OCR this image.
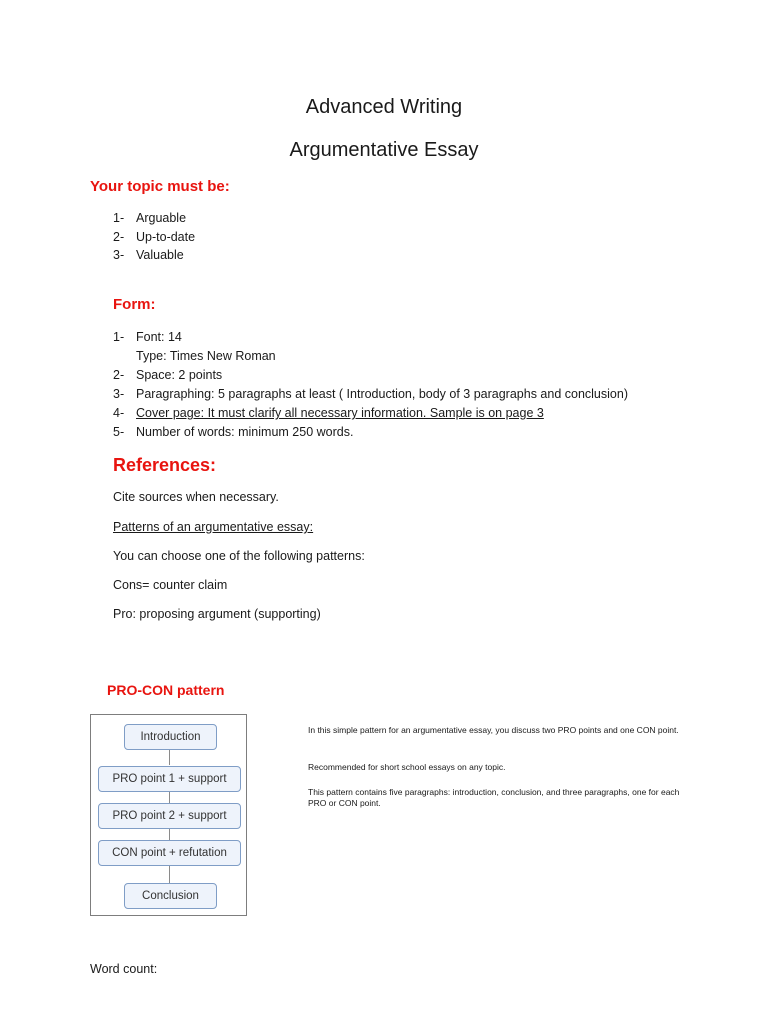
Advanced Writing
Argumentative Essay
Your topic must be:
1- Arguable
2- Up-to-date
3- Valuable
Form:
1- Font: 14
Type: Times New Roman
2- Space: 2 points
3- Paragraphing: 5 paragraphs at least ( Introduction, body of 3 paragraphs and conclusion)
4- Cover page: It must clarify all necessary information. Sample is on page 3
5- Number of words: minimum 250 words.
References:
Cite sources when necessary.
Patterns of an argumentative essay:
You can choose one of the following patterns:
Cons= counter claim
Pro: proposing argument (supporting)
PRO-CON pattern
Introduction
PRO point 1 + support
PRO point 2 + support
CON point + refutation
Conclusion
In this simple pattern for an argumentative essay, you discuss two PRO points and one CON point.
Recommended for short school essays on any topic.
This pattern contains five paragraphs: introduction, conclusion, and three paragraphs, one for each PRO or CON point.
Word count:
